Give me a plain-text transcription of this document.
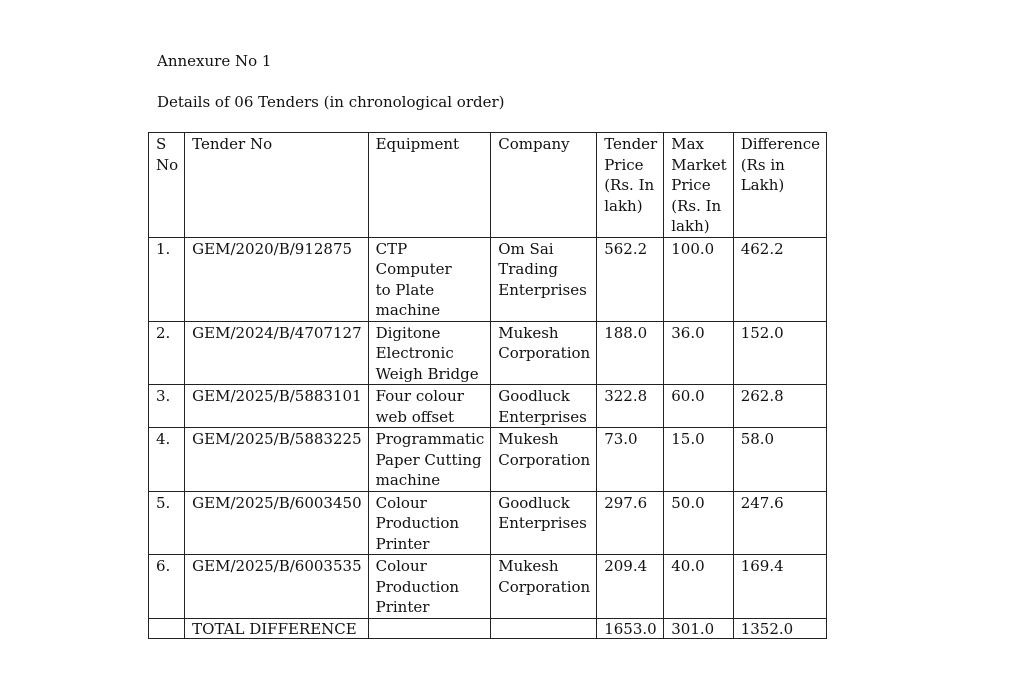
Annexure No 1
Details of 06 Tenders (in chronological order)
S
No	Tender No	Equipment	Company	Tender
Price
(Rs. In
lakh)	Max
Market
Price
(Rs. In
lakh)	Difference
(Rs in
Lakh)
1.	GEM/2020/B/912875	CTP Computer
to Plate
machine	Om Sai
Trading
Enterprises	562.2	100.0	462.2
2.	GEM/2024/B/4707127	Digitone
Electronic
Weigh Bridge	Mukesh
Corporation	188.0	36.0	152.0
3.	GEM/2025/B/5883101	Four colour
web offset	Goodluck
Enterprises	322.8	60.0	262.8
4.	GEM/2025/B/5883225	Programmatic
Paper Cutting
machine	Mukesh
Corporation	73.0	15.0	58.0
5.	GEM/2025/B/6003450	Colour
Production
Printer	Goodluck
Enterprises	297.6	50.0	247.6
6.	GEM/2025/B/6003535	Colour
Production
Printer	Mukesh
Corporation	209.4	40.0	169.4
	TOTAL DIFFERENCE			1653.0	301.0	1352.0
